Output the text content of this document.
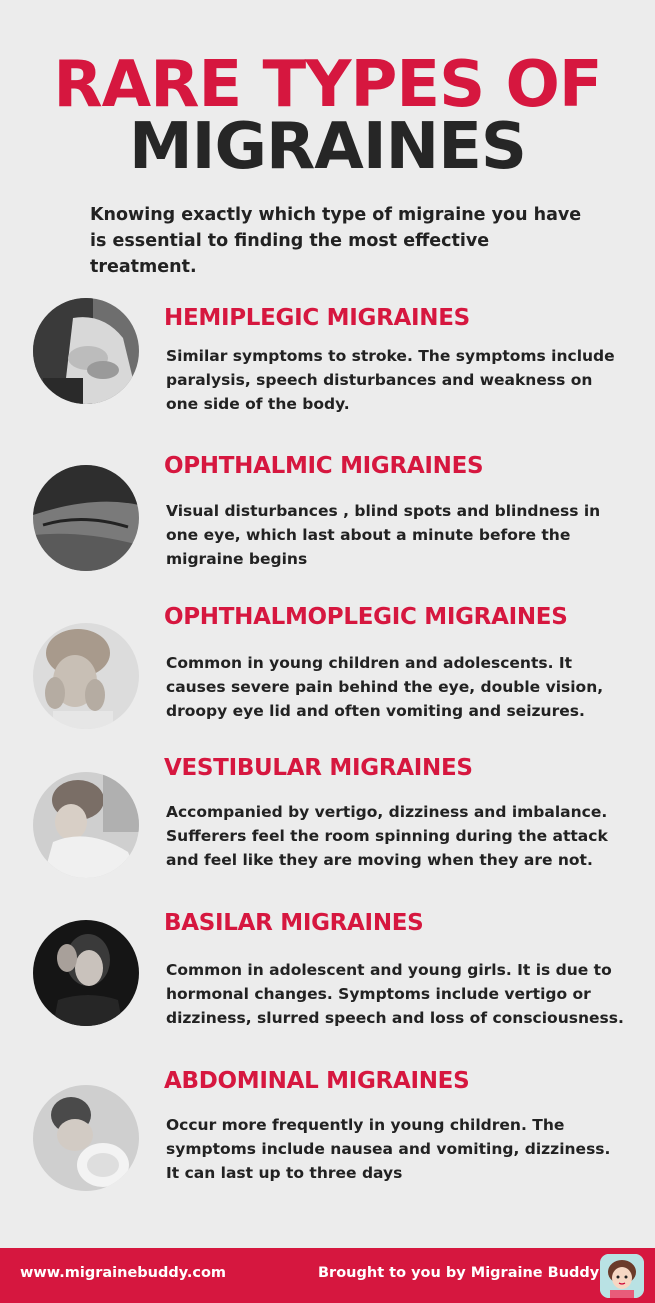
RARE TYPES OF
MIGRAINES
Knowing exactly which type of migraine you have is essential to finding the most effective treatment.
HEMIPLEGIC MIGRAINES
Similar symptoms to stroke. The symptoms include paralysis, speech disturbances and weakness on one side of the body.
OPHTHALMIC MIGRAINES
Visual disturbances , blind spots and blindness in one eye, which last about a minute before the migraine begins
OPHTHALMOPLEGIC MIGRAINES
Common in young children and adolescents. It causes severe pain behind the eye, double vision, droopy eye lid and often vomiting and seizures.
VESTIBULAR MIGRAINES
Accompanied by vertigo, dizziness and imbalance. Sufferers feel the room spinning during the attack and feel like they are moving when they are not.
BASILAR MIGRAINES
Common in adolescent and young girls. It is due to hormonal changes. Symptoms include vertigo or dizziness, slurred speech and loss of consciousness.
ABDOMINAL MIGRAINES
Occur more frequently in young children. The symptoms include nausea and vomiting, dizziness. It can last up to three days
www.migrainebuddy.com	Brought to you by Migraine Buddy
